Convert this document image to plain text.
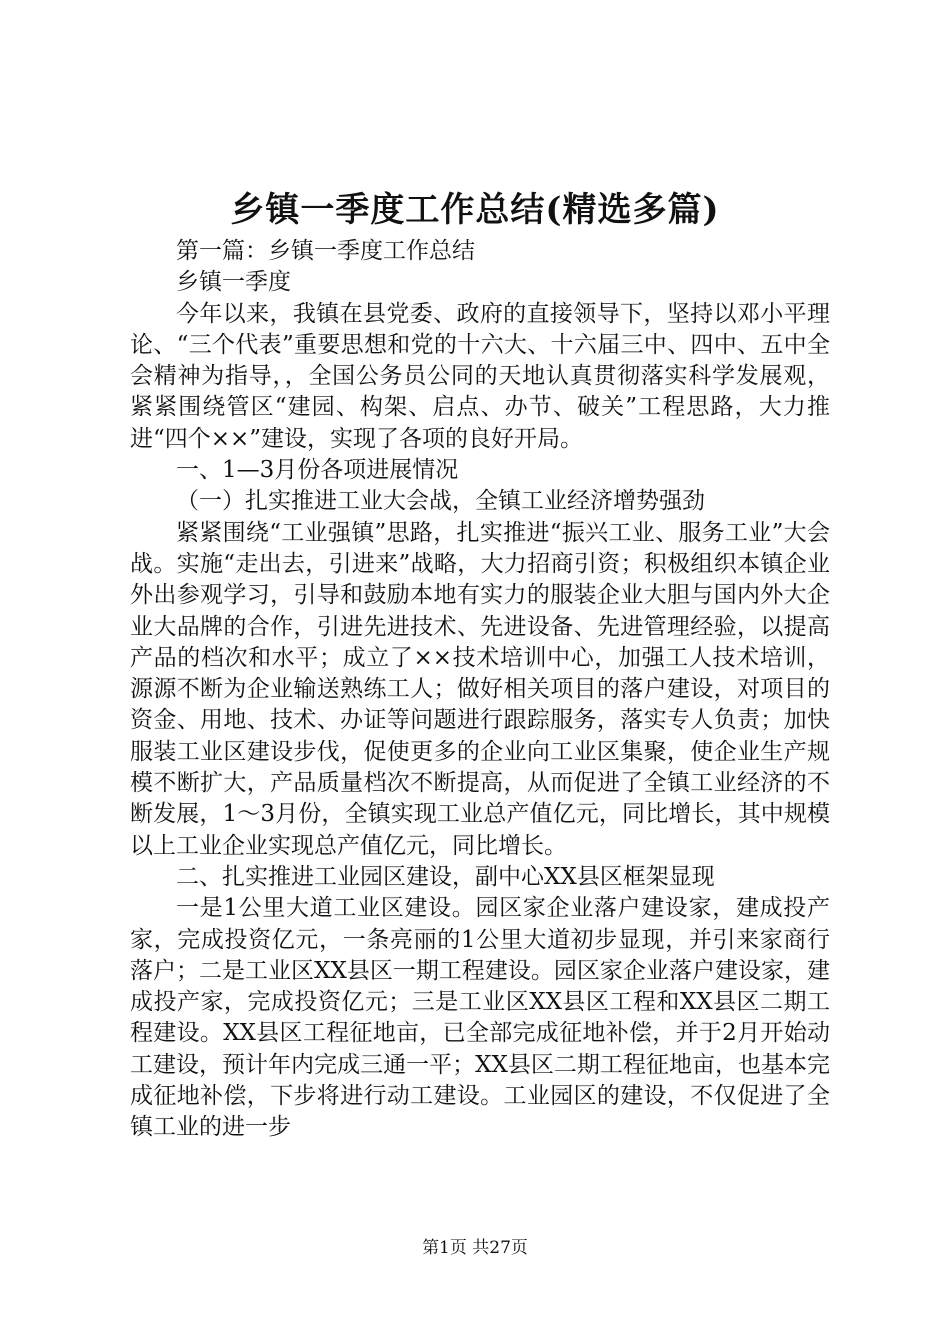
乡镇一季度工作总结(精选多篇)

第一篇：乡镇一季度工作总结

乡镇一季度

今年以来，我镇在县党委、政府的直接领导下，坚持以邓小平理论、“三个代表”重要思想和党的十六大、十六届三中、四中、五中全会精神为指导，，全国公务员公同的天地认真贯彻落实科学发展观，紧紧围绕管区“建园、构架、启点、办节、破关”工程思路，大力推进“四个××”建设，实现了各项的良好开局。

一、1—3月份各项进展情况

（一）扎实推进工业大会战，全镇工业经济增势强劲

紧紧围绕“工业强镇”思路，扎实推进“振兴工业、服务工业”大会战。实施“走出去，引进来”战略，大力招商引资；积极组织本镇企业外出参观学习，引导和鼓励本地有实力的服装企业大胆与国内外大企业大品牌的合作，引进先进技术、先进设备、先进管理经验，以提高产品的档次和水平；成立了××技术培训中心，加强工人技术培训，源源不断为企业输送熟练工人；做好相关项目的落户建设，对项目的资金、用地、技术、办证等问题进行跟踪服务，落实专人负责；加快服装工业区建设步伐，促使更多的企业向工业区集聚，使企业生产规模不断扩大，产品质量档次不断提高，从而促进了全镇工业经济的不断发展，1～3月份，全镇实现工业总产值亿元，同比增长，其中规模以上工业企业实现总产值亿元，同比增长。

二、扎实推进工业园区建设，副中心XX县区框架显现

一是1公里大道工业区建设。园区家企业落户建设家，建成投产家，完成投资亿元，一条亮丽的1公里大道初步显现，并引来家商行落户；二是工业区XX县区一期工程建设。园区家企业落户建设家，建成投产家，完成投资亿元；三是工业区XX县区工程和XX县区二期工程建设。XX县区工程征地亩，已全部完成征地补偿，并于2月开始动工建设，预计年内完成三通一平；XX县区二期工程征地亩，也基本完成征地补偿，下步将进行动工建设。工业园区的建设，不仅促进了全镇工业的进一步

第1页 共27页
